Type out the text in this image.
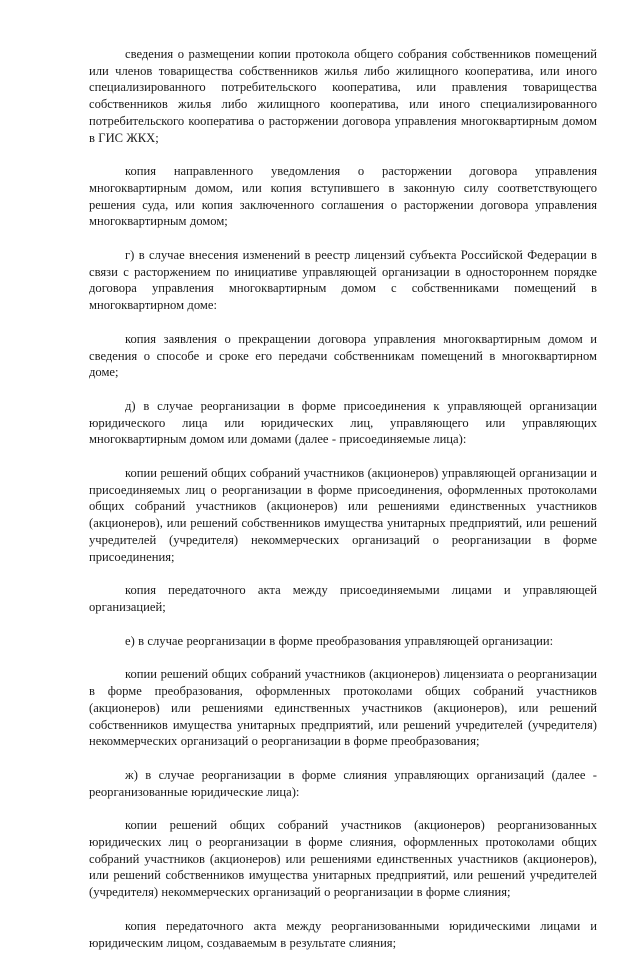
сведения о размещении копии протокола общего собрания собственников помещений или членов товарищества собственников жилья либо жилищного кооператива, или иного специализированного потребительского кооператива, или правления товарищества собственников жилья либо жилищного кооператива, или иного специализированного потребительского кооператива о расторжении договора управления многоквартирным домом в ГИС ЖКХ;

копия направленного уведомления о расторжении договора управления многоквартирным домом, или копия вступившего в законную силу соответствующего решения суда, или копия заключенного соглашения о расторжении договора управления многоквартирным домом;

г) в случае внесения изменений в реестр лицензий субъекта Российской Федерации в связи с расторжением по инициативе управляющей организации в одностороннем порядке договора управления многоквартирным домом с собственниками помещений в многоквартирном доме:

копия заявления о прекращении договора управления многоквартирным домом и сведения о способе и сроке его передачи собственникам помещений в многоквартирном доме;

д) в случае реорганизации в форме присоединения к управляющей организации юридического лица или юридических лиц, управляющего или управляющих многоквартирным домом или домами (далее - присоединяемые лица):

копии решений общих собраний участников (акционеров) управляющей организации и присоединяемых лиц о реорганизации в форме присоединения, оформленных протоколами общих собраний участников (акционеров) или решениями единственных участников (акционеров), или решений собственников имущества унитарных предприятий, или решений учредителей (учредителя) некоммерческих организаций о реорганизации в форме присоединения;

копия передаточного акта между присоединяемыми лицами и управляющей организацией;

е) в случае реорганизации в форме преобразования управляющей организации:

копии решений общих собраний участников (акционеров) лицензиата о реорганизации в форме преобразования, оформленных протоколами общих собраний участников (акционеров) или решениями единственных участников (акционеров), или решений собственников имущества унитарных предприятий, или решений учредителей (учредителя) некоммерческих организаций о реорганизации в форме преобразования;

ж) в случае реорганизации в форме слияния управляющих организаций (далее - реорганизованные юридические лица):

копии решений общих собраний участников (акционеров) реорганизованных юридических лиц о реорганизации в форме слияния, оформленных протоколами общих собраний участников (акционеров) или решениями единственных участников (акционеров), или решений собственников имущества унитарных предприятий, или решений учредителей (учредителя) некоммерческих организаций о реорганизации в форме слияния;

копия передаточного акта между реорганизованными юридическими лицами и юридическим лицом, создаваемым в результате слияния;
